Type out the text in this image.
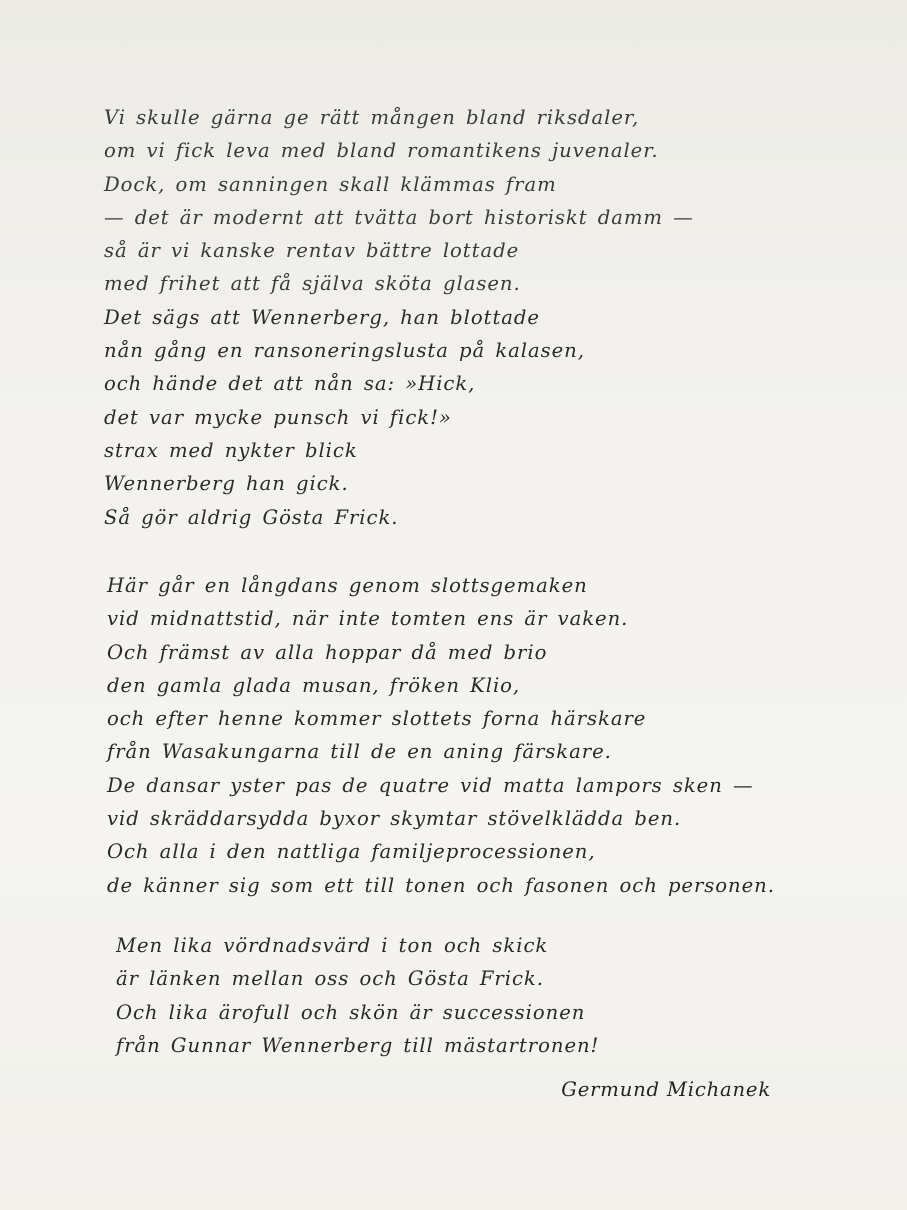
Vi skulle gärna ge rätt mången bland riksdaler,
om vi fick leva med bland romantikens juvenaler.
Dock, om sanningen skall klämmas fram
— det är modernt att tvätta bort historiskt damm —
så är vi kanske rentav bättre lottade
med frihet att få själva sköta glasen.
Det sägs att Wennerberg, han blottade
nån gång en ransoneringslusta på kalasen,
och hände det att nån sa: »Hick,
det var mycke punsch vi fick!»
strax med nykter blick
Wennerberg han gick.
Så gör aldrig Gösta Frick.
Här går en långdans genom slottsgemaken
vid midnattstid, när inte tomten ens är vaken.
Och främst av alla hoppar då med brio
den gamla glada musan, fröken Klio,
och efter henne kommer slottets forna härskare
från Wasakungarna till de en aning färskare.
De dansar yster pas de quatre vid matta lampors sken —
vid skräddarsydda byxor skymtar stövelklädda ben.
Och alla i den nattliga familjeprocessionen,
de känner sig som ett till tonen och fasonen och personen.
Men lika vördnadsvärd i ton och skick
är länken mellan oss och Gösta Frick.
Och lika ärofull och skön är successionen
från Gunnar Wennerberg till mästartronen!
Germund Michanek
